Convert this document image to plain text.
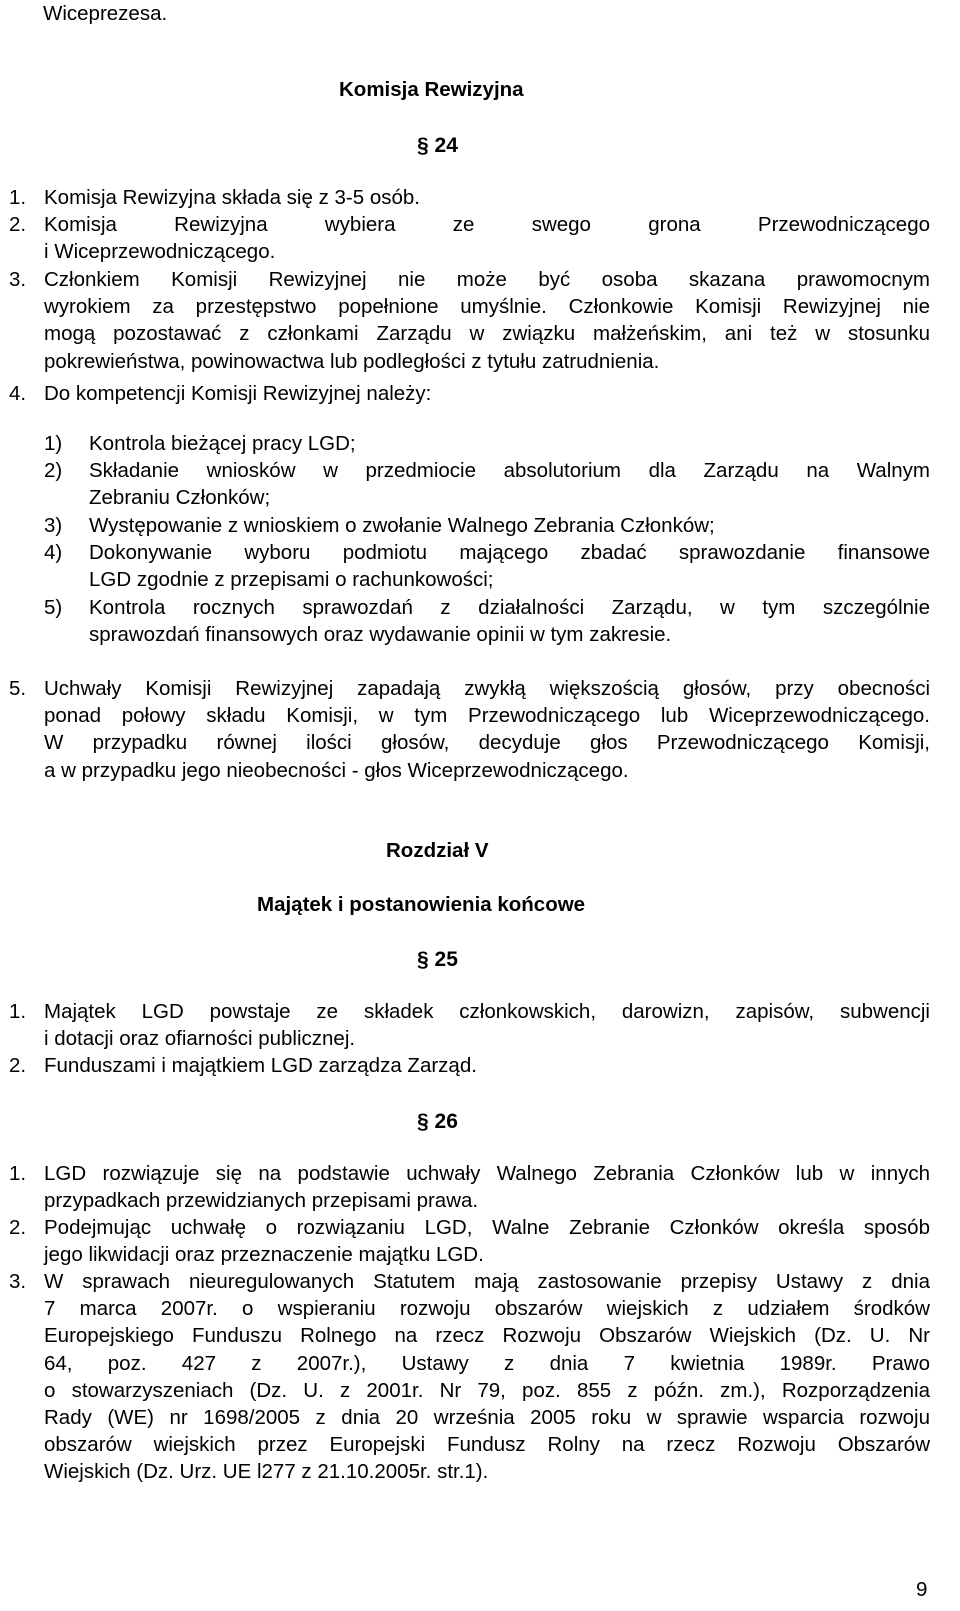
Wiceprezesa.
Komisja Rewizyjna
§ 24
1. Komisja Rewizyjna składa się z 3-5 osób.
2. Komisja Rewizyjna wybiera ze swego grona Przewodniczącego
i Wiceprzewodniczącego.
3. Członkiem Komisji Rewizyjnej nie może być osoba skazana prawomocnym
wyrokiem za przestępstwo popełnione umyślnie. Członkowie Komisji Rewizyjnej nie
mogą pozostawać z członkami Zarządu w związku małżeńskim, ani też w stosunku
pokrewieństwa, powinowactwa lub podległości z tytułu zatrudnienia.
4. Do kompetencji Komisji Rewizyjnej należy:
1) Kontrola bieżącej pracy LGD;
2) Składanie wniosków w przedmiocie absolutorium dla Zarządu na Walnym
Zebraniu Członków;
3) Występowanie z wnioskiem o zwołanie Walnego Zebrania Członków;
4) Dokonywanie wyboru podmiotu mającego zbadać sprawozdanie finansowe
LGD zgodnie z przepisami o rachunkowości;
5) Kontrola rocznych sprawozdań z działalności Zarządu, w tym szczególnie
sprawozdań finansowych oraz wydawanie opinii w tym zakresie.
5. Uchwały Komisji Rewizyjnej zapadają zwykłą większością głosów, przy obecności
ponad połowy składu Komisji, w tym Przewodniczącego lub Wiceprzewodniczącego.
W przypadku równej ilości głosów, decyduje głos Przewodniczącego Komisji,
a w przypadku jego nieobecności - głos Wiceprzewodniczącego.
Rozdział V
Majątek i postanowienia końcowe
§ 25
1. Majątek LGD powstaje ze składek członkowskich, darowizn, zapisów, subwencji
i dotacji oraz ofiarności publicznej.
2. Funduszami i majątkiem LGD zarządza Zarząd.
§ 26
1. LGD rozwiązuje się na podstawie uchwały Walnego Zebrania Członków lub w innych
przypadkach przewidzianych przepisami prawa.
2. Podejmując uchwałę o rozwiązaniu LGD, Walne Zebranie Członków określa sposób
jego likwidacji oraz przeznaczenie majątku LGD.
3. W sprawach nieuregulowanych Statutem mają zastosowanie przepisy Ustawy z dnia
7 marca 2007r. o wspieraniu rozwoju obszarów wiejskich z udziałem środków
Europejskiego Funduszu Rolnego na rzecz Rozwoju Obszarów Wiejskich (Dz. U. Nr
64, poz. 427 z 2007r.), Ustawy z dnia 7 kwietnia 1989r. Prawo
o stowarzyszeniach (Dz. U. z 2001r. Nr 79, poz. 855 z późn. zm.), Rozporządzenia
Rady (WE) nr 1698/2005 z dnia 20 września 2005 roku w sprawie wsparcia rozwoju
obszarów wiejskich przez Europejski Fundusz Rolny na rzecz Rozwoju Obszarów
Wiejskich (Dz. Urz. UE l277 z 21.10.2005r. str.1).
9
